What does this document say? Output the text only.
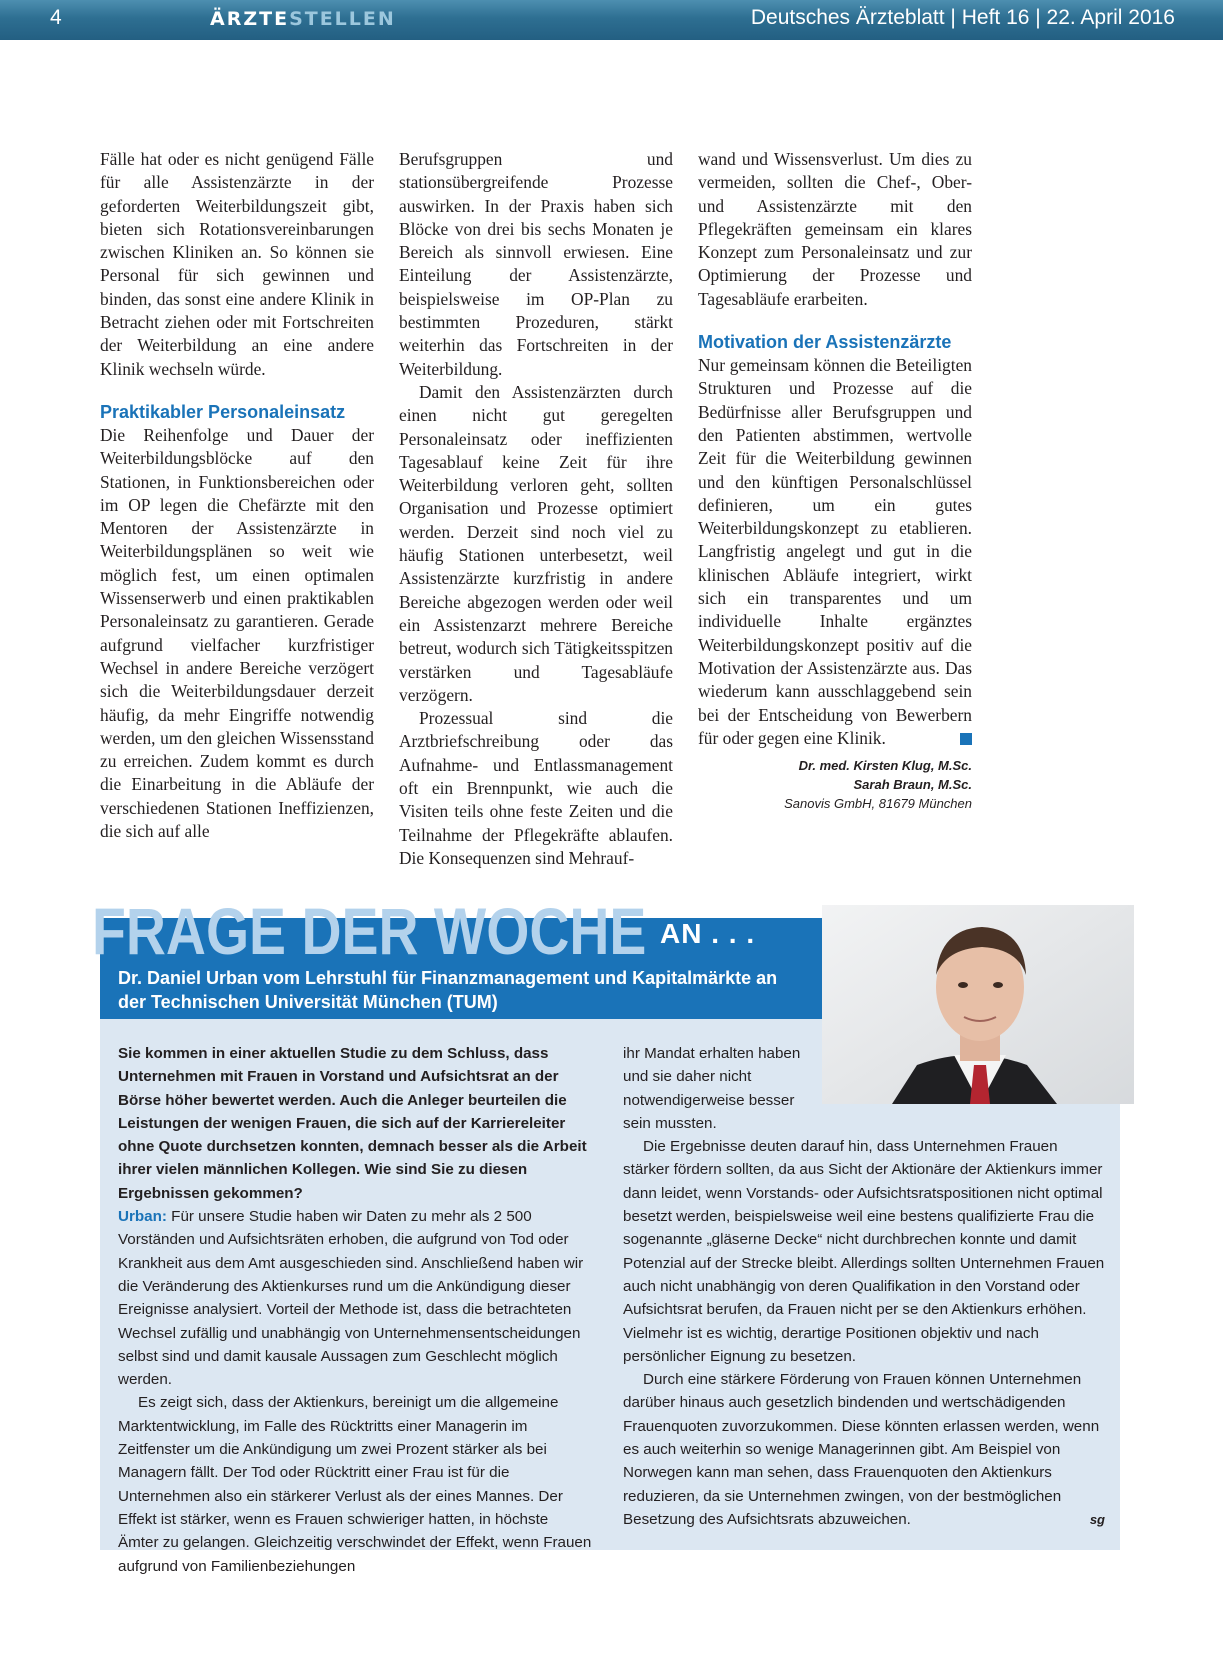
4	ÄRZTESTELLEN	Deutsches Ärzteblatt | Heft 16 | 22. April 2016

Fälle hat oder es nicht genügend Fälle für alle Assistenzärzte in der geforderten Weiterbildungszeit gibt, bieten sich Rotationsvereinbarungen zwischen Kliniken an. So können sie Personal für sich gewinnen und binden, das sonst eine andere Klinik in Betracht ziehen oder mit Fortschreiten der Weiterbildung an eine andere Klinik wechseln würde.

Praktikabler Personaleinsatz

Die Reihenfolge und Dauer der Weiterbildungsblöcke auf den Stationen, in Funktionsbereichen oder im OP legen die Chefärzte mit den Mentoren der Assistenzärzte in Weiterbildungsplänen so weit wie möglich fest, um einen optimalen Wissenserwerb und einen praktikablen Personaleinsatz zu garantieren. Gerade aufgrund vielfacher kurzfristiger Wechsel in andere Bereiche verzögert sich die Weiterbildungsdauer derzeit häufig, da mehr Eingriffe notwendig werden, um den gleichen Wissensstand zu erreichen. Zudem kommt es durch die Einarbeitung in die Abläufe der verschiedenen Stationen Ineffizienzen, die sich auf alle

Berufsgruppen und stationsübergreifende Prozesse auswirken. In der Praxis haben sich Blöcke von drei bis sechs Monaten je Bereich als sinnvoll erwiesen. Eine Einteilung der Assistenzärzte, beispielsweise im OP-Plan zu bestimmten Prozeduren, stärkt weiterhin das Fortschreiten in der Weiterbildung.

Damit den Assistenzärzten durch einen nicht gut geregelten Personaleinsatz oder ineffizienten Tagesablauf keine Zeit für ihre Weiterbildung verloren geht, sollten Organisation und Prozesse optimiert werden. Derzeit sind noch viel zu häufig Stationen unterbesetzt, weil Assistenzärzte kurzfristig in andere Bereiche abgezogen werden oder weil ein Assistenzarzt mehrere Bereiche betreut, wodurch sich Tätigkeitsspitzen verstärken und Tagesabläufe verzögern.

Prozessual sind die Arztbriefschreibung oder das Aufnahme- und Entlassmanagement oft ein Brennpunkt, wie auch die Visiten teils ohne feste Zeiten und die Teilnahme der Pflegekräfte ablaufen. Die Konsequenzen sind Mehrauf-

wand und Wissensverlust. Um dies zu vermeiden, sollten die Chef-, Ober- und Assistenzärzte mit den Pflegekräften gemeinsam ein klares Konzept zum Personaleinsatz und zur Optimierung der Prozesse und Tagesabläufe erarbeiten.

Motivation der Assistenzärzte

Nur gemeinsam können die Beteiligten Strukturen und Prozesse auf die Bedürfnisse aller Berufsgruppen und den Patienten abstimmen, wertvolle Zeit für die Weiterbildung gewinnen und den künftigen Personalschlüssel definieren, um ein gutes Weiterbildungskonzept zu etablieren. Langfristig angelegt und gut in die klinischen Abläufe integriert, wirkt sich ein transparentes und um individuelle Inhalte ergänztes Weiterbildungskonzept positiv auf die Motivation der Assistenzärzte aus. Das wiederum kann ausschlaggebend sein bei der Entscheidung von Bewerbern für oder gegen eine Klinik.

Dr. med. Kirsten Klug, M.Sc.
Sarah Braun, M.Sc.
Sanovis GmbH, 81679 München
FRAGE DER WOCHE AN . . .

Dr. Daniel Urban vom Lehrstuhl für Finanzmanagement und Kapitalmärkte an der Technischen Universität München (TUM)

Sie kommen in einer aktuellen Studie zu dem Schluss, dass Unternehmen mit Frauen in Vorstand und Aufsichtsrat an der Börse höher bewertet werden. Auch die Anleger beurteilen die Leistungen der wenigen Frauen, die sich auf der Karriereleiter ohne Quote durchsetzen konnten, demnach besser als die Arbeit ihrer vielen männlichen Kollegen. Wie sind Sie zu diesen Ergebnissen gekommen?

Urban: Für unsere Studie haben wir Daten zu mehr als 2 500 Vorständen und Aufsichtsräten erhoben, die aufgrund von Tod oder Krankheit aus dem Amt ausgeschieden sind. Anschließend haben wir die Veränderung des Aktienkurses rund um die Ankündigung dieser Ereignisse analysiert. Vorteil der Methode ist, dass die betrachteten Wechsel zufällig und unabhängig von Unternehmensentscheidungen selbst sind und damit kausale Aussagen zum Geschlecht möglich werden.

Es zeigt sich, dass der Aktienkurs, bereinigt um die allgemeine Marktentwicklung, im Falle des Rücktritts einer Managerin im Zeitfenster um die Ankündigung um zwei Prozent stärker als bei Managern fällt. Der Tod oder Rücktritt einer Frau ist für die Unternehmen also ein stärkerer Verlust als der eines Mannes. Der Effekt ist stärker, wenn es Frauen schwieriger hatten, in höchste Ämter zu gelangen. Gleichzeitig verschwindet der Effekt, wenn Frauen aufgrund von Familienbeziehungen

ihr Mandat erhalten haben und sie daher nicht notwendigerweise besser sein mussten.

Die Ergebnisse deuten darauf hin, dass Unternehmen Frauen stärker fördern sollten, da aus Sicht der Aktionäre der Aktienkurs immer dann leidet, wenn Vorstands- oder Aufsichtsratspositionen nicht optimal besetzt werden, beispielsweise weil eine bestens qualifizierte Frau die sogenannte „gläserne Decke“ nicht durchbrechen konnte und damit Potenzial auf der Strecke bleibt. Allerdings sollten Unternehmen Frauen auch nicht unabhängig von deren Qualifikation in den Vorstand oder Aufsichtsrat berufen, da Frauen nicht per se den Aktienkurs erhöhen. Vielmehr ist es wichtig, derartige Positionen objektiv und nach persönlicher Eignung zu besetzen.

Durch eine stärkere Förderung von Frauen können Unternehmen darüber hinaus auch gesetzlich bindenden und wertschädigenden Frauenquoten zuvorzukommen. Diese könnten erlassen werden, wenn es auch weiterhin so wenige Managerinnen gibt. Am Beispiel von Norwegen kann man sehen, dass Frauenquoten den Aktienkurs reduzieren, da sie Unternehmen zwingen, von der bestmöglichen Besetzung des Aufsichtsrats abzuweichen.	sg
